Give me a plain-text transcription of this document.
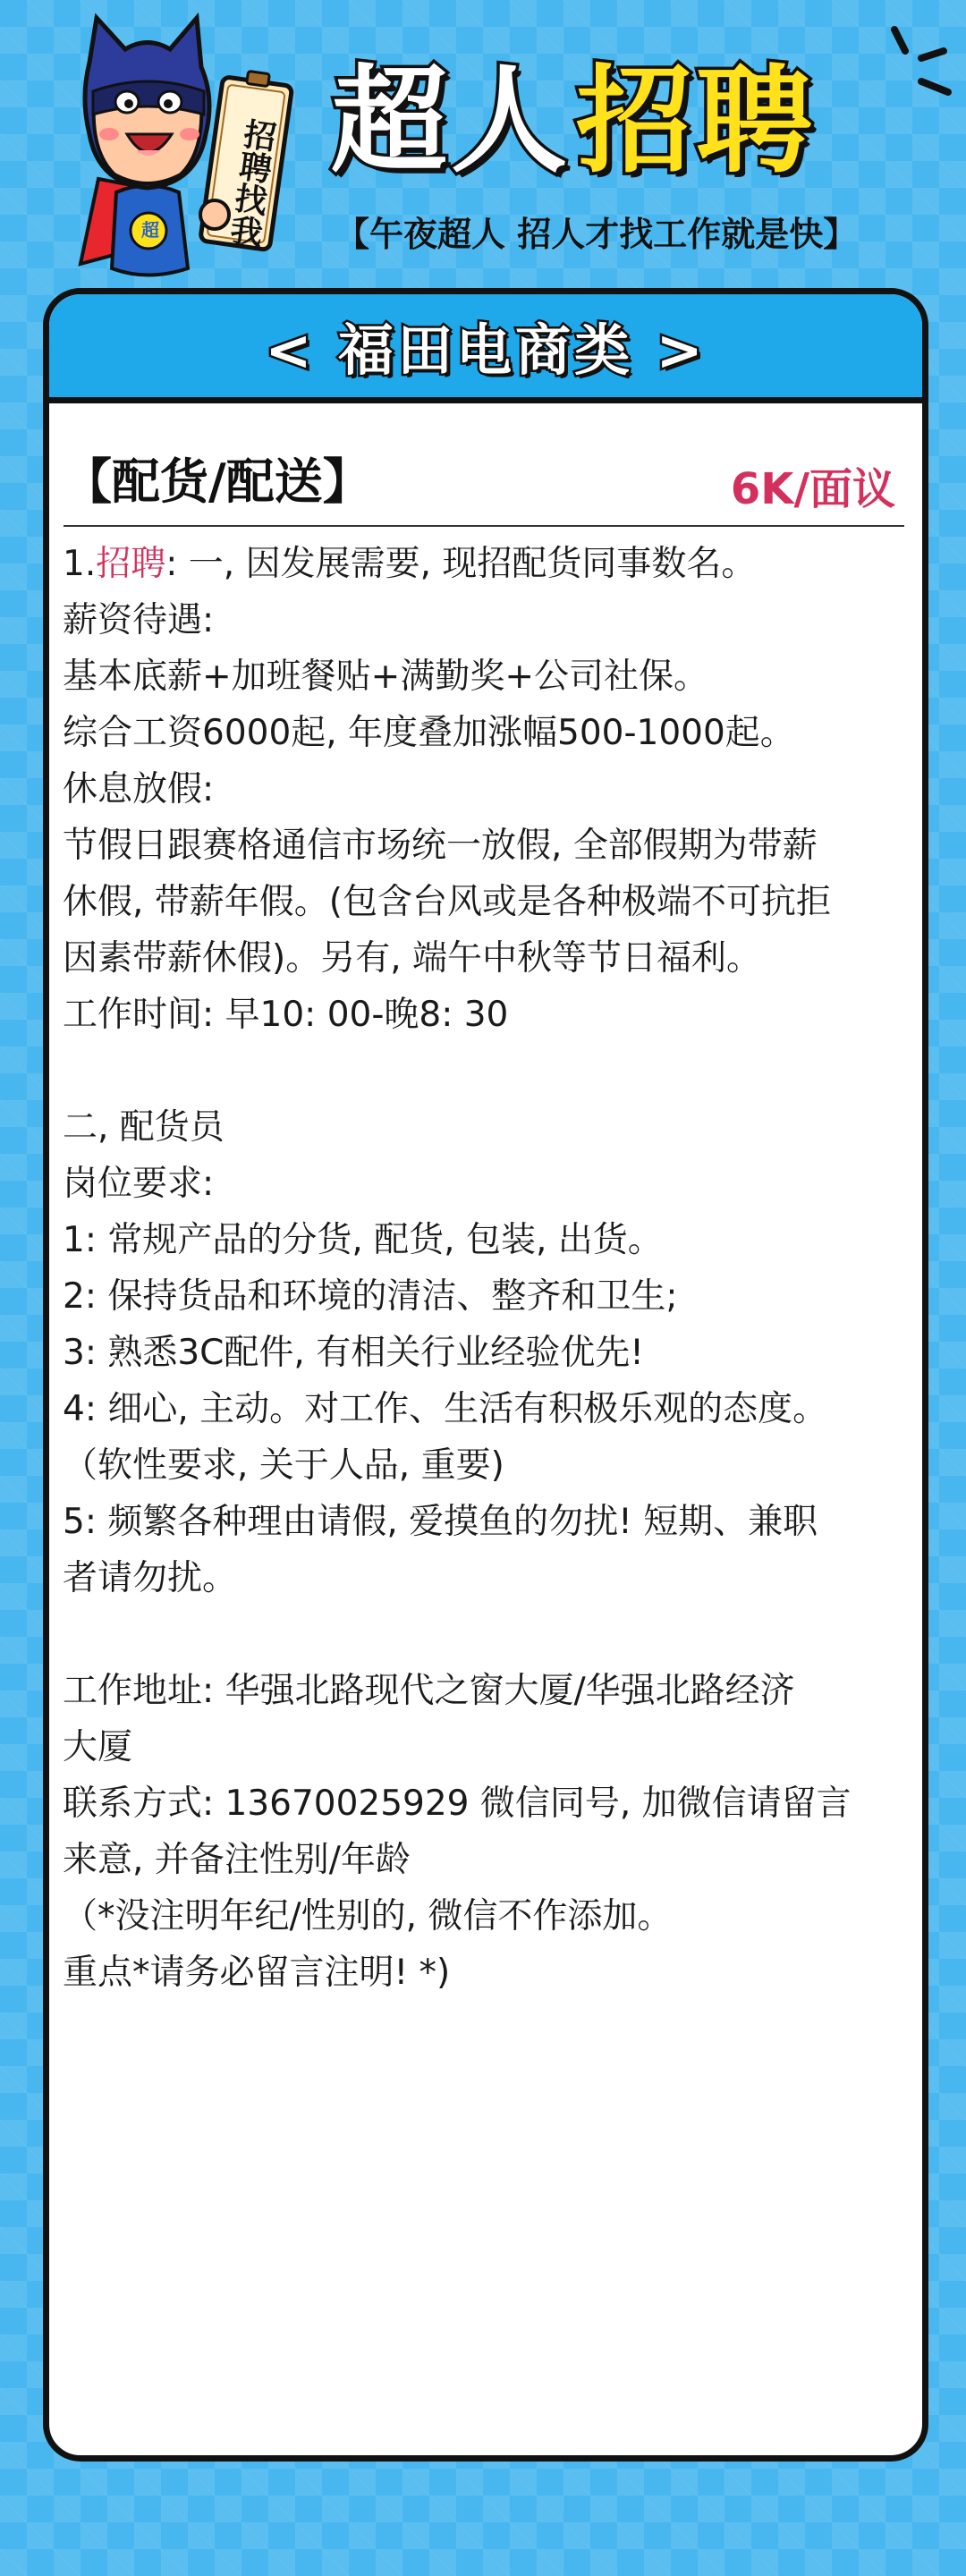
招聘找我
超
超人 招聘
【午夜超人 招人才找工作就是快】
< 福田电商类 >
【配货/配送】	6K/面议

1.招聘: 一, 因发展需要, 现招配货同事数名。

薪资待遇:

基本底薪+加班餐贴+满勤奖+公司社保。

综合工资6000起, 年度叠加涨幅500-1000起。

休息放假:

节假日跟赛格通信市场统一放假, 全部假期为带薪

休假, 带薪年假。(包含台风或是各种极端不可抗拒

因素带薪休假)。另有, 端午中秋等节日福利。

工作时间: 早10: 00-晚8: 30

二, 配货员

岗位要求:

1: 常规产品的分货, 配货, 包装, 出货。

2: 保持货品和环境的清洁、整齐和卫生;

3: 熟悉3C配件, 有相关行业经验优先!

4: 细心, 主动。对工作、生活有积极乐观的态度。

（软性要求, 关于人品, 重要)

5: 频繁各种理由请假, 爱摸鱼的勿扰! 短期、兼职

者请勿扰。

工作地址: 华强北路现代之窗大厦/华强北路经济

大厦

联系方式: 13670025929 微信同号, 加微信请留言

来意, 并备注性别/年龄

（*没注明年纪/性别的, 微信不作添加。

重点*请务必留言注明! *)
